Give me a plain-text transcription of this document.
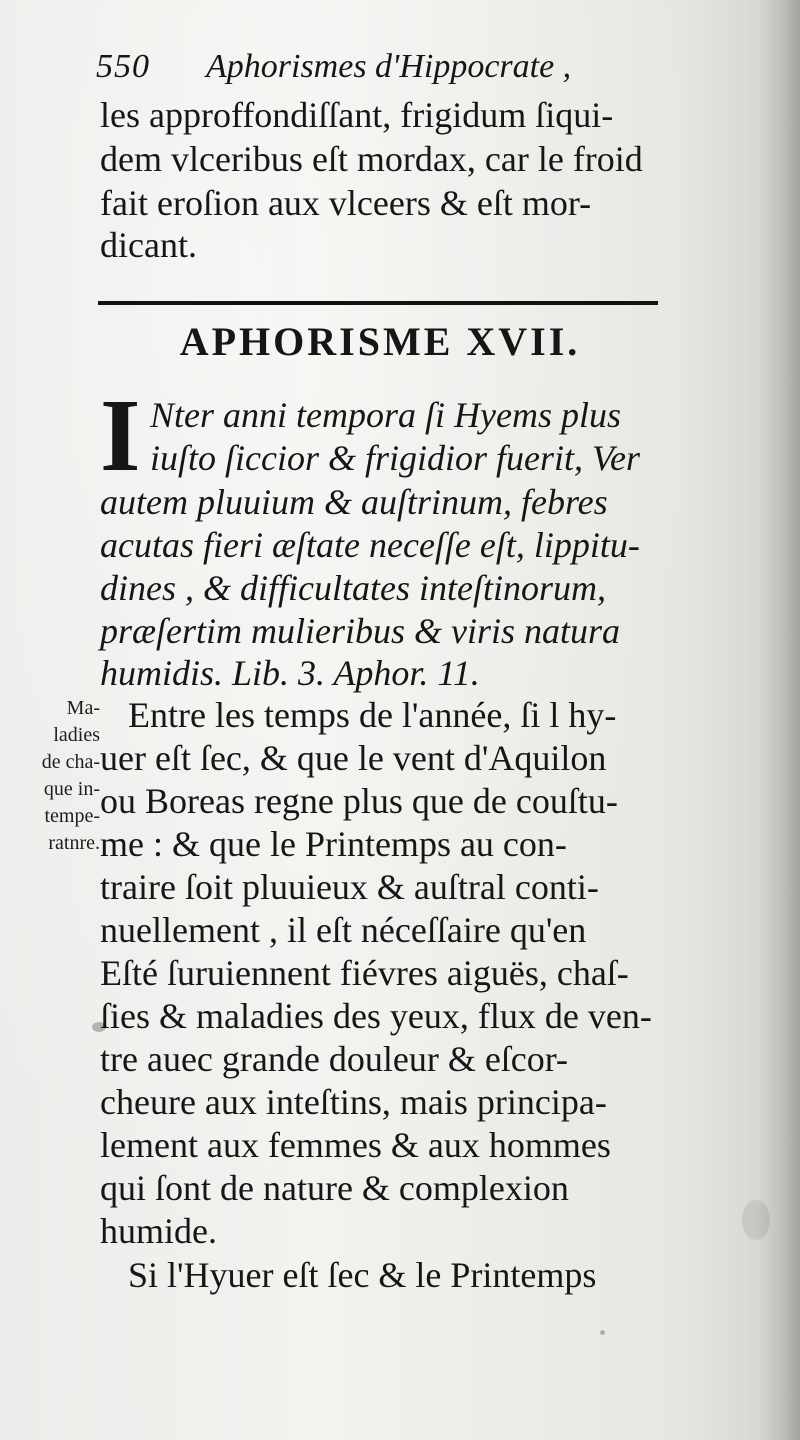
550	Aphorismes d'Hippocrate ,
les approffondiſſant, frigidum ſiqui-
dem vlceribus eſt mordax, car le froid
fait eroſion aux vlceers & eſt mor-
dicant.
APHORISME XVII.
I Nter anni tempora ſi Hyems plus
iuſto ſiccior & frigidior fuerit, Ver
autem pluuium & auſtrinum, febres
acutas fieri æſtate neceſſe eſt, lippitu-
dines , & difficultates inteſtinorum,
præſertim mulieribus & viris natura
humidis. Lib. 3. Aphor. 11.
Ma-
ladies
de cha-
que in-
tempe-
ratnre.
Entre les temps de l'année, ſi l hy-
uer eſt ſec, & que le vent d'Aquilon
ou Boreas regne plus que de couſtu-
me : & que le Printemps au con-
traire ſoit pluuieux & auſtral conti-
nuellement , il eſt néceſſaire qu'en
Eſté ſuruiennent fiévres aiguës, chaſ-
ſies & maladies des yeux, flux de ven-
tre auec grande douleur & eſcor-
cheure aux inteſtins, mais principa-
lement aux femmes & aux hommes
qui ſont de nature & complexion
humide.
Si l'Hyuer eſt ſec & le Printemps
